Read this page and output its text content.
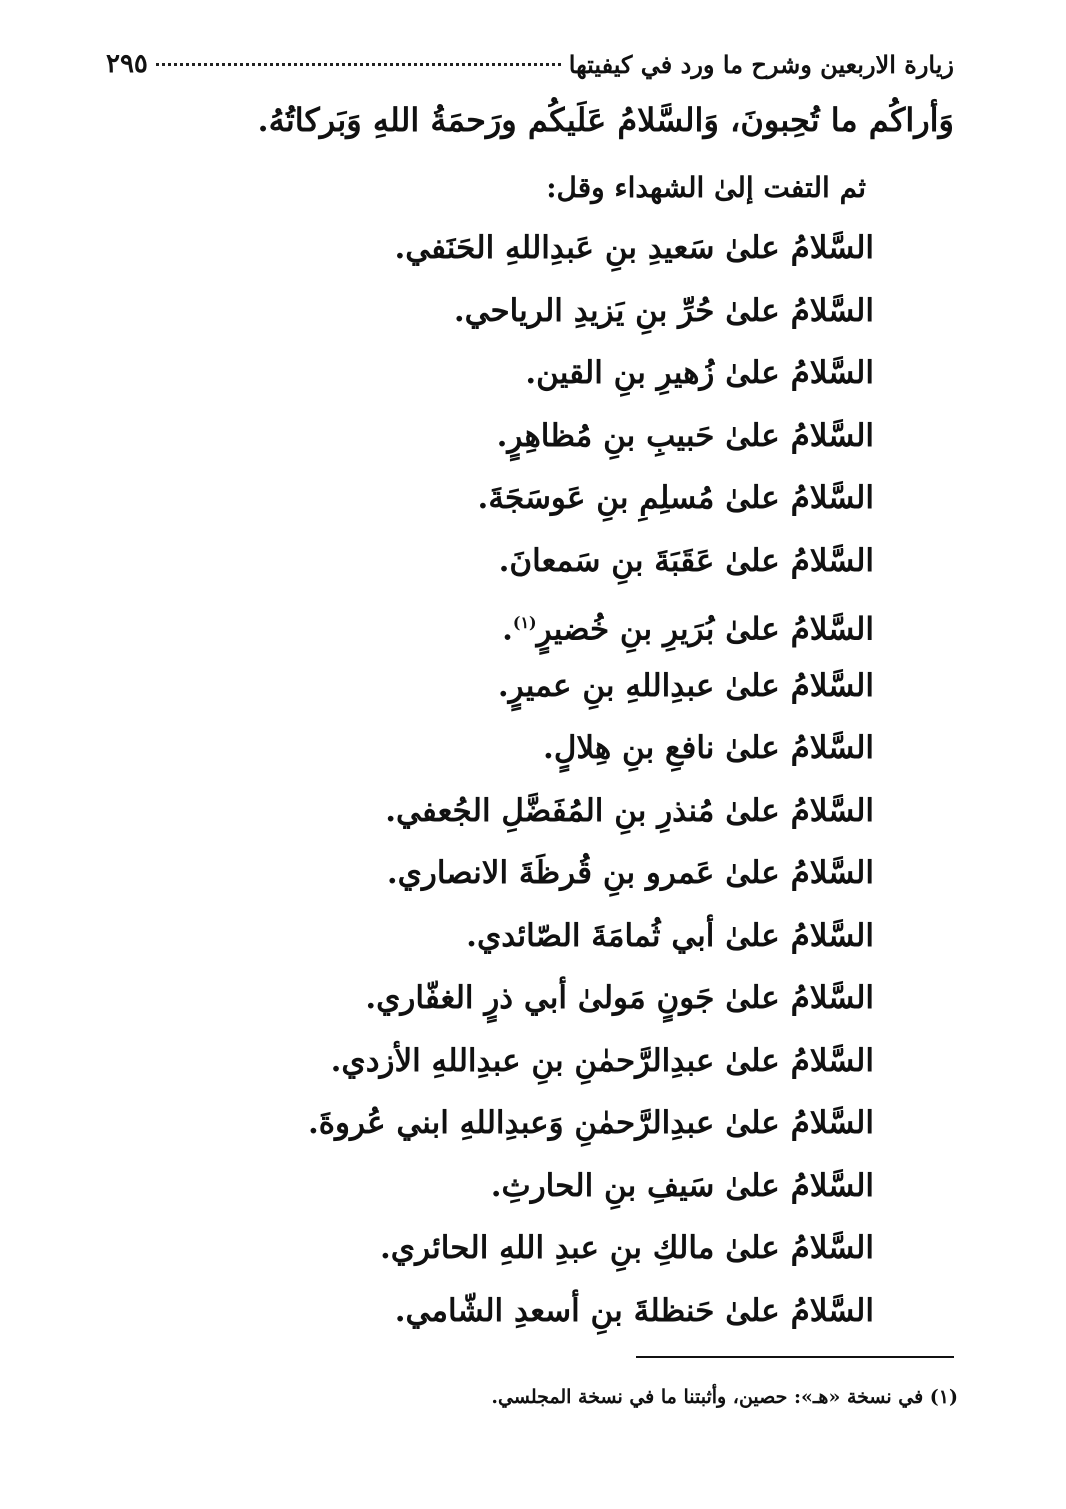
زيارة الاربعين وشرح ما ورد في كيفيتها
٢٩٥
وَأراكُم ما تُحِبونَ، وَالسَّلامُ عَلَيكُم ورَحمَةُ اللهِ وَبَركاتُهُ.
ثم التفت إلىٰ الشهداء وقل:
السَّلامُ علىٰ سَعيدِ بنِ عَبدِاللهِ الحَنَفي.
السَّلامُ علىٰ حُرِّ بنِ يَزيدِ الرياحي.
السَّلامُ علىٰ زُهيرِ بنِ القين.
السَّلامُ علىٰ حَبيبِ بنِ مُظاهِرٍ.
السَّلامُ علىٰ مُسلِمِ بنِ عَوسَجَةَ.
السَّلامُ علىٰ عَقَبَةَ بنِ سَمعانَ.
السَّلامُ علىٰ بُرَيرِ بنِ خُضيرٍ$^{(١)}$.
السَّلامُ علىٰ عبدِاللهِ بنِ عميرٍ.
السَّلامُ علىٰ نافعِ بنِ هِلالٍ.
السَّلامُ علىٰ مُنذرِ بنِ المُفَضَّلِ الجُعفي.
السَّلامُ علىٰ عَمرو بنِ قُرظَةَ الانصاري.
السَّلامُ علىٰ أبي ثُمامَةَ الصّائدي.
السَّلامُ علىٰ جَونٍ مَولىٰ أبي ذرٍ الغفّاري.
السَّلامُ علىٰ عبدِالرَّحمٰنِ بنِ عبدِاللهِ الأزدي.
السَّلامُ علىٰ عبدِالرَّحمٰنِ وَعبدِاللهِ ابني عُروةَ.
السَّلامُ علىٰ سَيفِ بنِ الحارثِ.
السَّلامُ علىٰ مالكِ بنِ عبدِ اللهِ الحائري.
السَّلامُ علىٰ حَنظلةَ بنِ أسعدِ الشّامي.
(١) في نسخة «هـ»: حصين، وأثبتنا ما في نسخة المجلسي.
